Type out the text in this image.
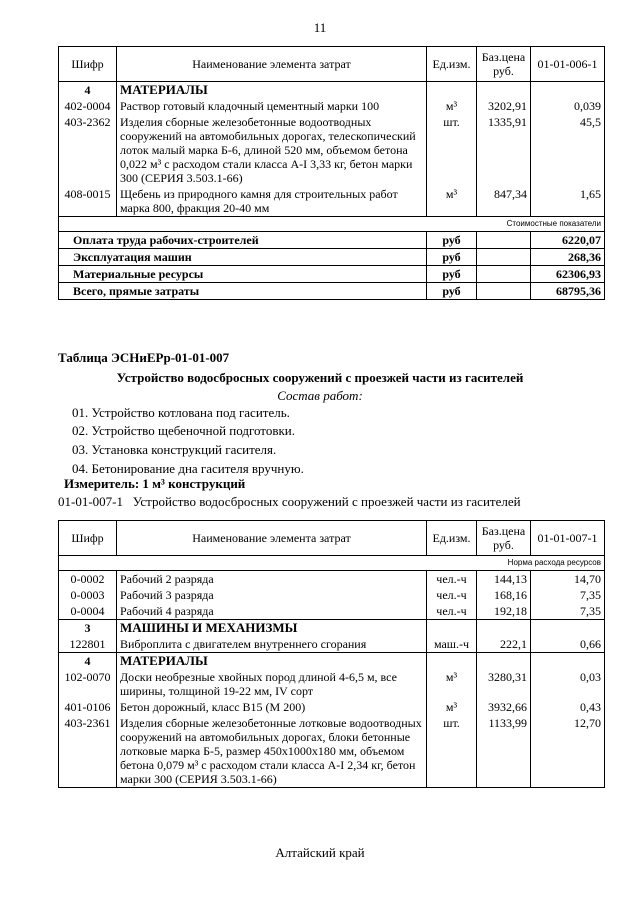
11
Шифр	Наименование элемента затрат	Ед.изм.	Баз.цена руб.	01-01-006-1
4	МАТЕРИАЛЫ			
402-0004	Раствор готовый кладочный цементный марки 100	м³	3202,91	0,039
403-2362	Изделия сборные железобетонные водоотводных сооружений на автомобильных дорогах, телескопический лоток малый марка Б-6, длиной 520 мм, объемом бетона 0,022 м³ с расходом стали класса А-I 3,33 кг, бетон марки 300 (СЕРИЯ 3.503.1-66)	шт.	1335,91	45,5
408-0015	Щебень из природного камня для строительных работ марка 800, фракция 20-40 мм	м³	847,34	1,65
Стоимостные показатели				
Оплата труда рабочих-строителей		руб		6220,07
Эксплуатация машин		руб		268,36
Материальные ресурсы		руб		62306,93
Всего, прямые затраты		руб		68795,36
Таблица ЭСНиЕРр-01-01-007
Устройство водосбросных сооружений с проезжей части из гасителей
Состав работ:
01. Устройство котлована под гаситель.
02. Устройство щебеночной подготовки.
03. Установка конструкций гасителя.
04. Бетонирование дна гасителя вручную.
Измеритель: 1 м³ конструкций
01-01-007-1   Устройство водосбросных сооружений с проезжей части из гасителей
Шифр	Наименование элемента затрат	Ед.изм.	Баз.цена руб.	01-01-007-1
Норма расхода ресурсов				
0-0002	Рабочий 2 разряда	чел.-ч	144,13	14,70
0-0003	Рабочий 3 разряда	чел.-ч	168,16	7,35
0-0004	Рабочий 4 разряда	чел.-ч	192,18	7,35
3	МАШИНЫ И МЕХАНИЗМЫ			
122801	Виброплита с двигателем внутреннего сгорания	маш.-ч	222,1	0,66
4	МАТЕРИАЛЫ			
102-0070	Доски необрезные хвойных пород длиной 4-6,5 м, все ширины, толщиной 19-22 мм, IV сорт	м³	3280,31	0,03
401-0106	Бетон дорожный, класс B15 (М 200)	м³	3932,66	0,43
403-2361	Изделия сборные железобетонные лотковые водоотводных сооружений на автомобильных дорогах, блоки бетонные лотковые марка Б-5, размер 450x1000x180 мм, объемом бетона 0,079 м³ с расходом стали класса А-I 2,34 кг, бетон марки 300 (СЕРИЯ 3.503.1-66)	шт.	1133,99	12,70
Алтайский край
